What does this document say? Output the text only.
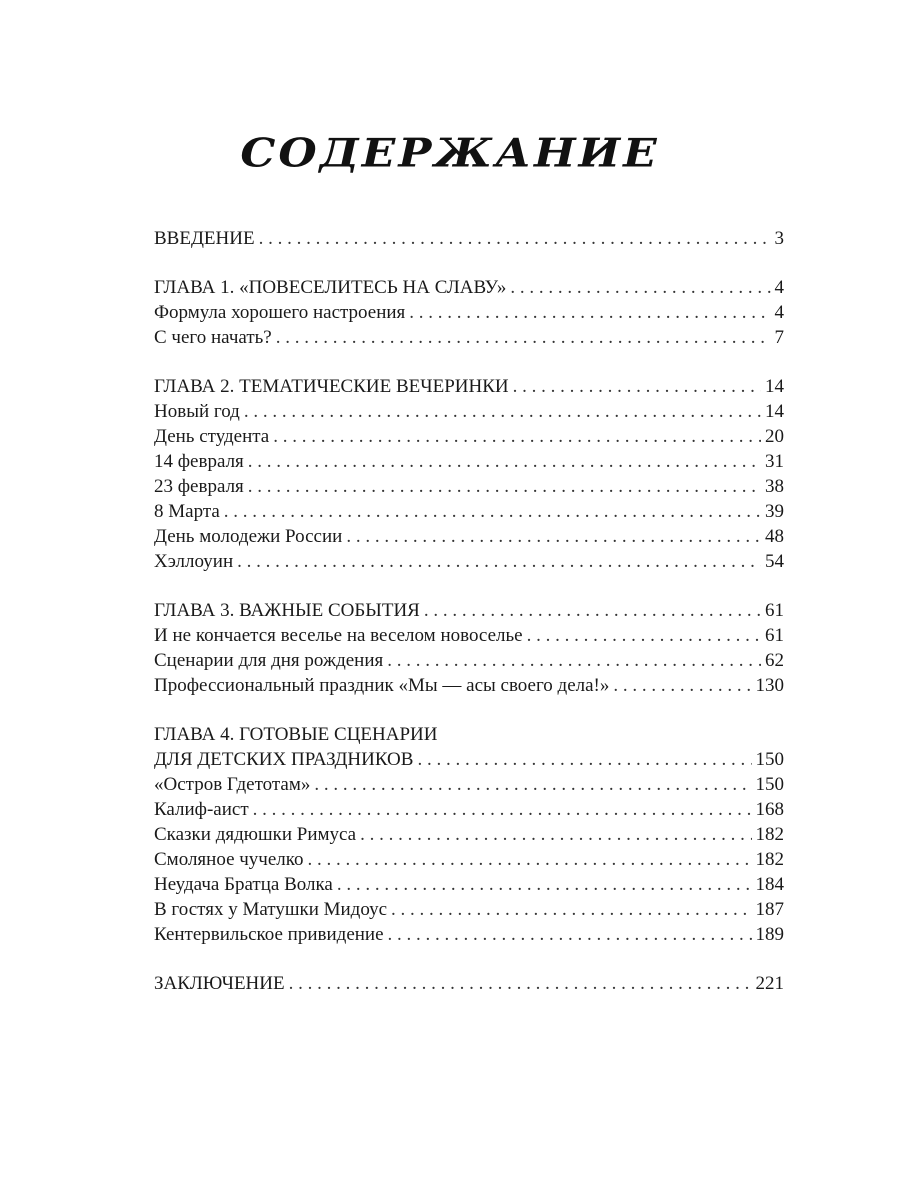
СОДЕРЖАНИЕ
ВВЕДЕНИЕ . . .	3
ГЛАВА 1. «ПОВЕСЕЛИТЕСЬ НА СЛАВУ» . . .	4
Формула хорошего настроения . . .	4
С чего начать? . . .	7
ГЛАВА 2. ТЕМАТИЧЕСКИЕ ВЕЧЕРИНКИ . . .	14
Новый год . . .	14
День студента . . .	20
14 февраля . . .	31
23 февраля . . .	38
8 Марта . . .	39
День молодежи России . . .	48
Хэллоуин . . .	54
ГЛАВА 3. ВАЖНЫЕ СОБЫТИЯ . . .	61
И не кончается веселье на веселом новоселье . . .	61
Сценарии для дня рождения . . .	62
Профессиональный праздник «Мы — асы своего дела!» . . .	130
ГЛАВА 4. ГОТОВЫЕ СЦЕНАРИИ
ДЛЯ ДЕТСКИХ ПРАЗДНИКОВ . . .	150
«Остров Гдетотам» . . .	150
Калиф-аист . . .	168
Сказки дядюшки Римуса . . .	182
Смоляное чучелко . . .	182
Неудача Братца Волка . . .	184
В гостях у Матушки Мидоус . . .	187
Кентервильское привидение . . .	189
ЗАКЛЮЧЕНИЕ . . .	221
